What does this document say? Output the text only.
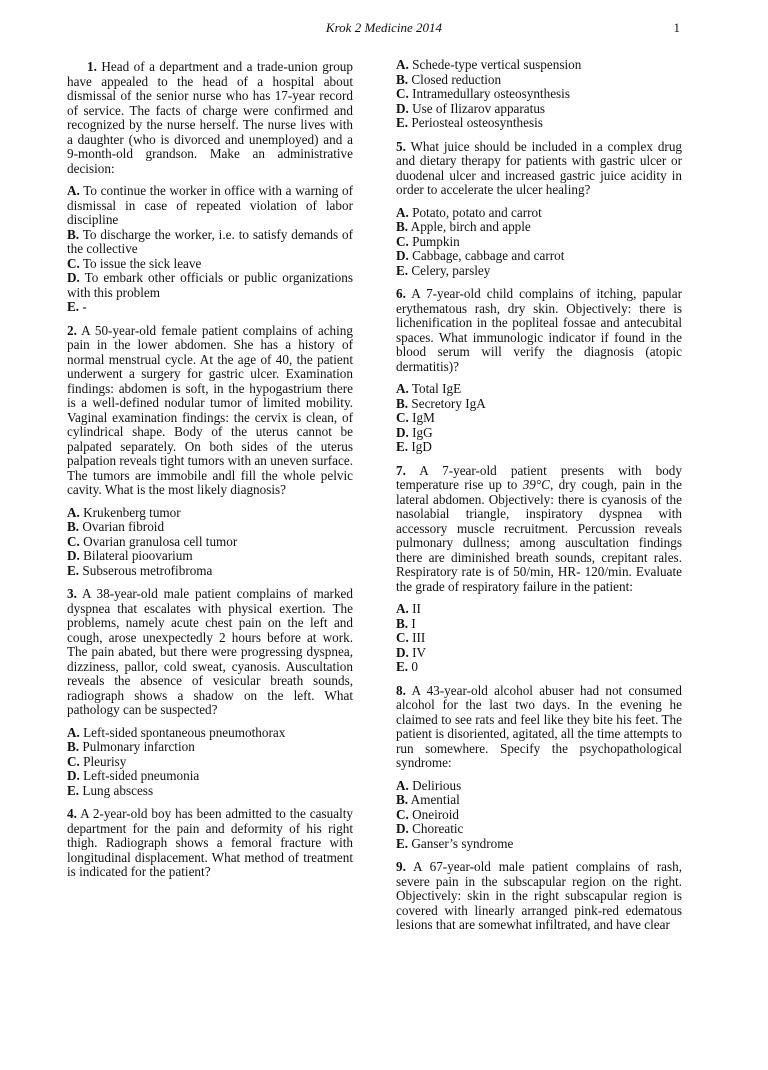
Krok 2 Medicine 2014	1

1. Head of a department and a trade-union group have appealed to the head of a hospital about dismissal of the senior nurse who has 17-year record of service. The facts of charge were confirmed and recognized by the nurse herself. The nurse lives with a daughter (who is divorced and unemployed) and a 9-month-old grandson. Make an administrative decision:

A. To continue the worker in office with a warning of dismissal in case of repeated violation of labor discipline

B. To discharge the worker, i.e. to satisfy demands of the collective

C. To issue the sick leave

D. To embark other officials or public organizations with this problem

E. -

2. A 50-year-old female patient complains of aching pain in the lower abdomen. She has a history of normal menstrual cycle. At the age of 40, the patient underwent a surgery for gastric ulcer. Examination findings: abdomen is soft, in the hypogastrium there is a well-defined nodular tumor of limited mobility. Vaginal examination findings: the cervix is clean, of cylindrical shape. Body of the uterus cannot be palpated separately. On both sides of the uterus palpation reveals tight tumors with an uneven surface. The tumors are immobile andl fill the whole pelvic cavity. What is the most likely diagnosis?

A. Krukenberg tumor

B. Ovarian fibroid

C. Ovarian granulosa cell tumor

D. Bilateral pioovarium

E. Subserous metrofibroma

3. A 38-year-old male patient complains of marked dyspnea that escalates with physical exertion. The problems, namely acute chest pain on the left and cough, arose unexpectedly 2 hours before at work. The pain abated, but there were progressing dyspnea, dizziness, pallor, cold sweat, cyanosis. Auscultation reveals the absence of vesicular breath sounds, radiograph shows a shadow on the left. What pathology can be suspected?

A. Left-sided spontaneous pneumothorax

B. Pulmonary infarction

C. Pleurisy

D. Left-sided pneumonia

E. Lung abscess

4. A 2-year-old boy has been admitted to the casualty department for the pain and deformity of his right thigh. Radiograph shows a femoral fracture with longitudinal displacement. What method of treatment is indicated for the patient?

A. Schede-type vertical suspension

B. Closed reduction

C. Intramedullary osteosynthesis

D. Use of Ilizarov apparatus

E. Periosteal osteosynthesis

5. What juice should be included in a complex drug and dietary therapy for patients with gastric ulcer or duodenal ulcer and increased gastric juice acidity in order to accelerate the ulcer healing?

A. Potato, potato and carrot

B. Apple, birch and apple

C. Pumpkin

D. Cabbage, cabbage and carrot

E. Celery, parsley

6. A 7-year-old child complains of itching, papular erythematous rash, dry skin. Objectively: there is lichenification in the popliteal fossae and antecubital spaces. What immunologic indicator if found in the blood serum will verify the diagnosis (atopic dermatitis)?

A. Total IgE

B. Secretory IgA

C. IgM

D. IgG

E. IgD

7. A 7-year-old patient presents with body temperature rise up to 39°C, dry cough, pain in the lateral abdomen. Objectively: there is cyanosis of the nasolabial triangle, inspiratory dyspnea with accessory muscle recruitment. Percussion reveals pulmonary dullness; among auscultation findings there are diminished breath sounds, crepitant rales. Respiratory rate is of 50/min, HR- 120/min. Evaluate the grade of respiratory failure in the patient:

A. II

B. I

C. III

D. IV

E. 0

8. A 43-year-old alcohol abuser had not consumed alcohol for the last two days. In the evening he claimed to see rats and feel like they bite his feet. The patient is disoriented, agitated, all the time attempts to run somewhere. Specify the psychopathological syndrome:

A. Delirious

B. Amential

C. Oneiroid

D. Choreatic

E. Ganser’s syndrome

9. A 67-year-old male patient complains of rash, severe pain in the subscapular region on the right. Objectively: skin in the right subscapular region is covered with linearly arranged pink-red edematous lesions that are somewhat infiltrated, and have clear
